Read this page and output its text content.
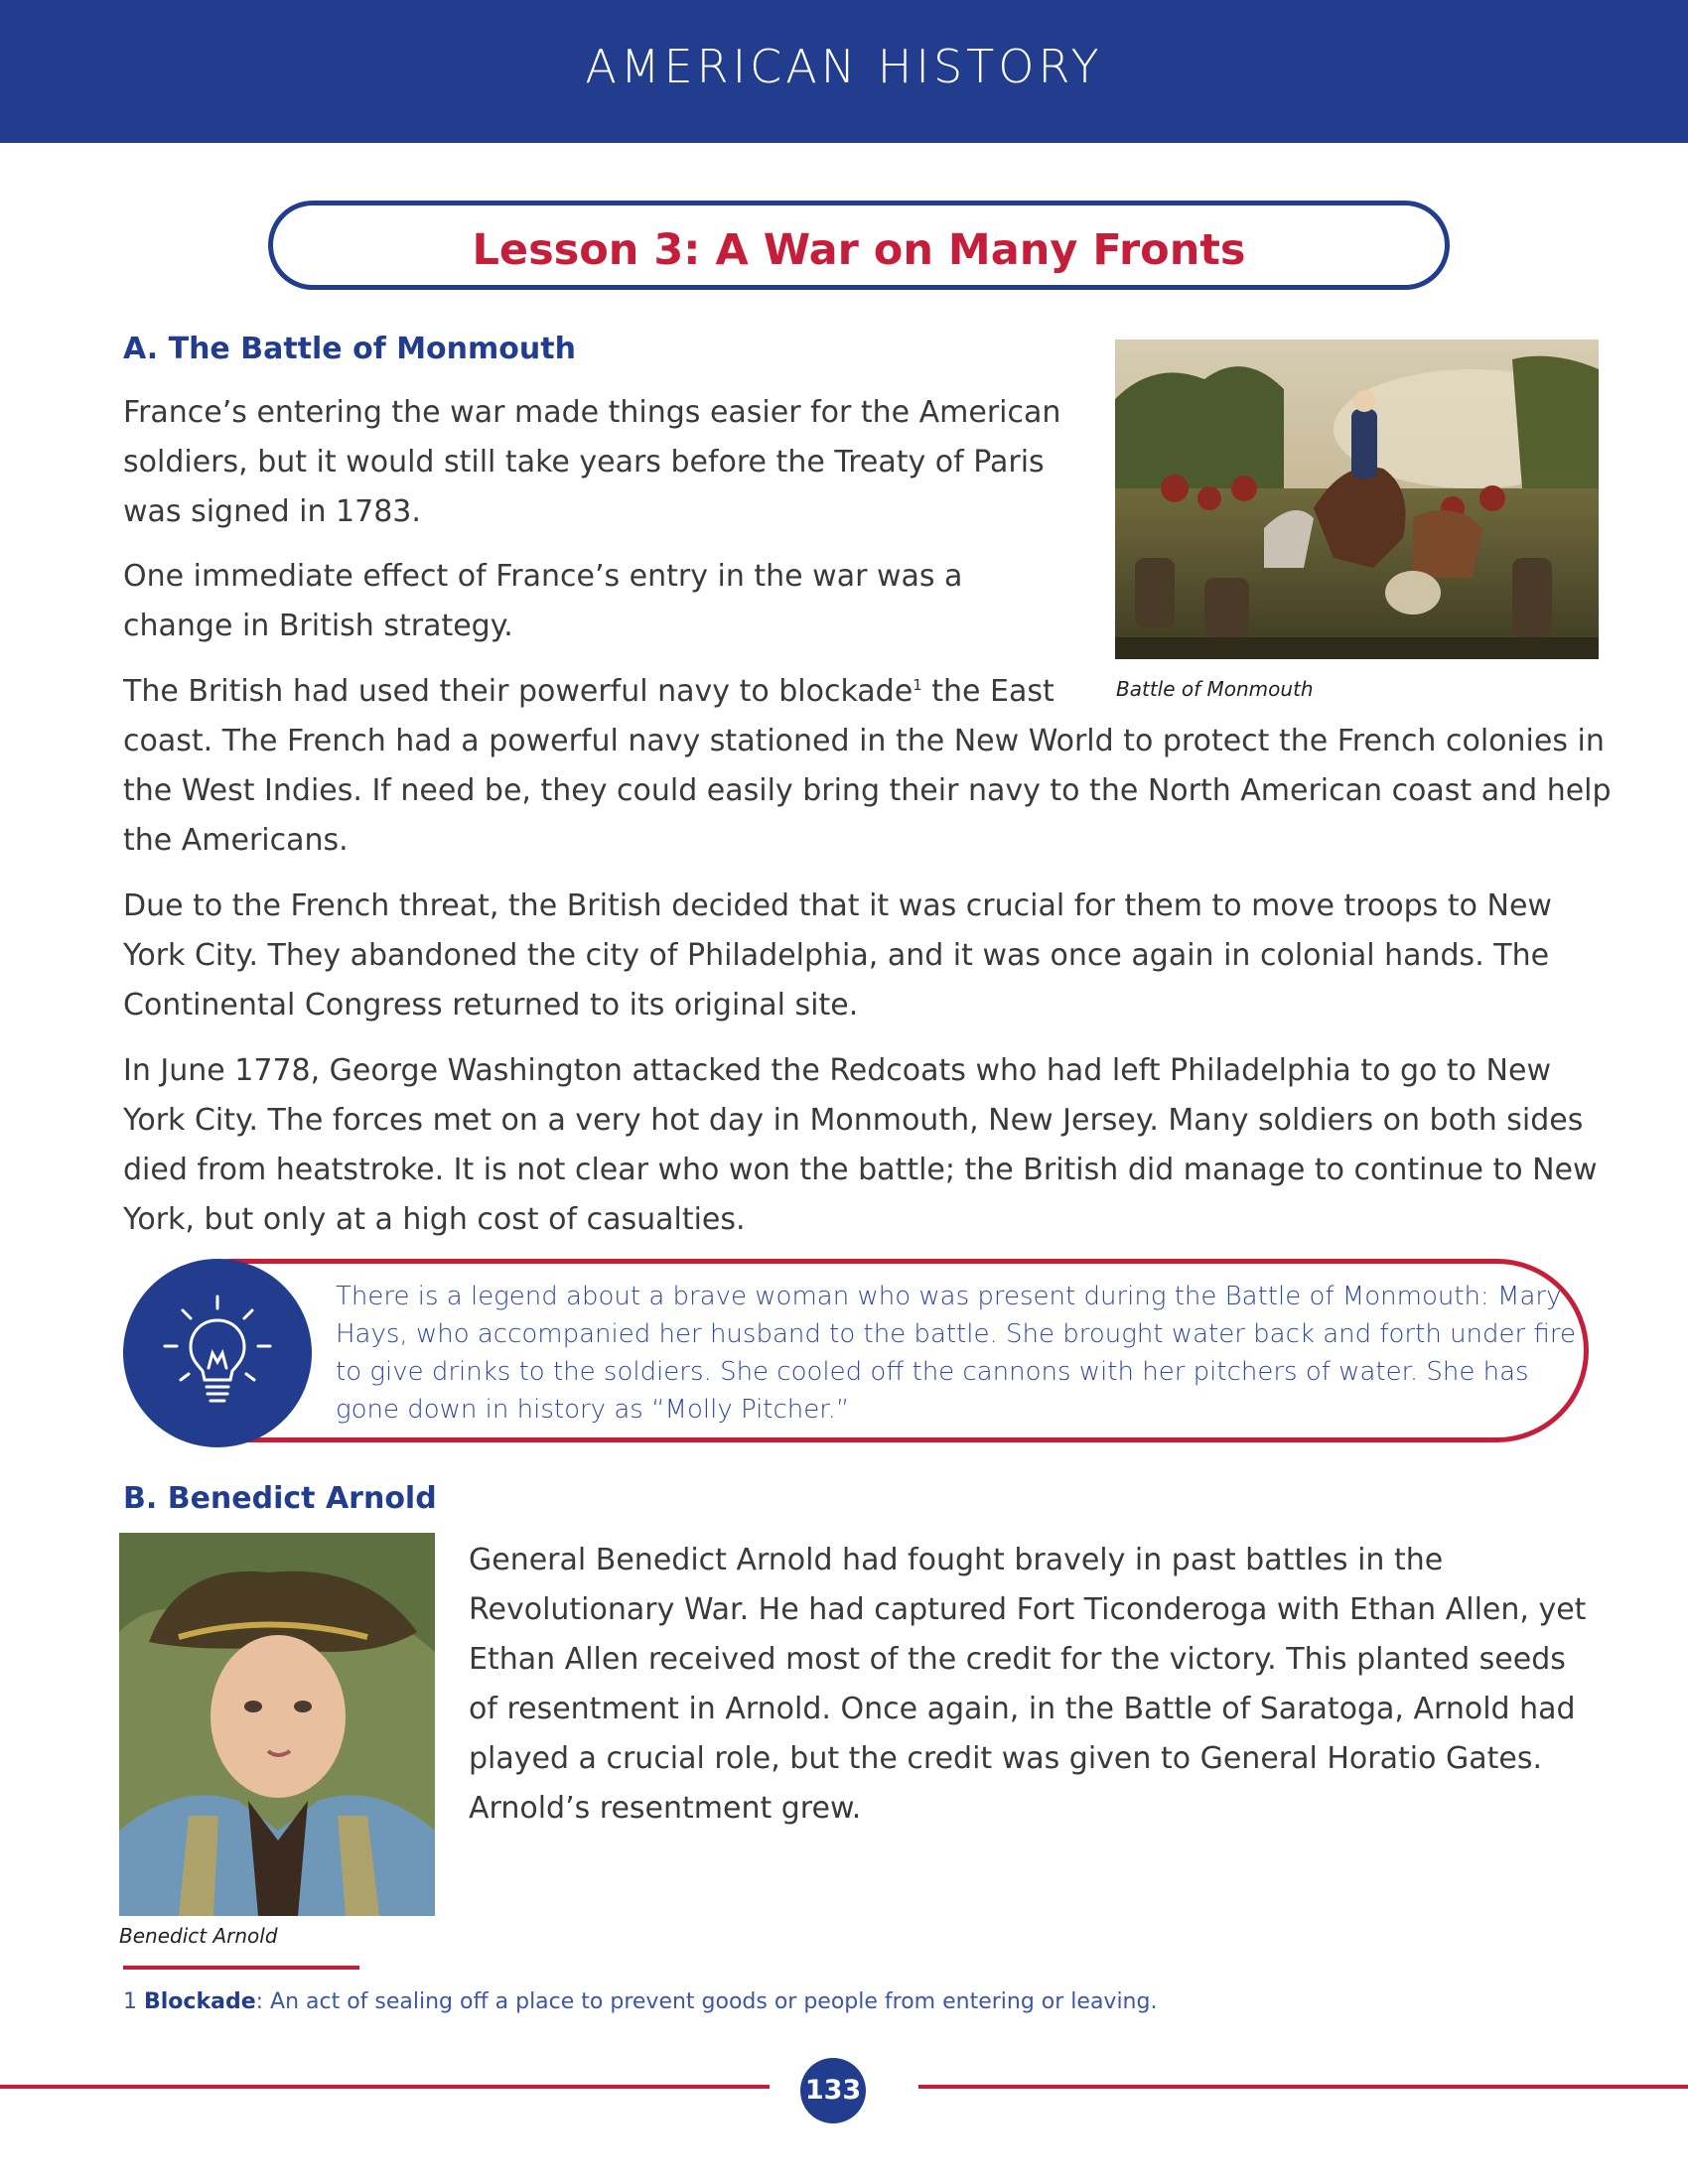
AMERICAN HISTORY
Lesson 3: A War on Many Fronts
A. The Battle of Monmouth

France’s entering the war made things easier for the American soldiers, but it would still take years before the Treaty of Paris was signed in 1783.

One immediate effect of France’s entry in the war was a change in British strategy.

The British had used their powerful navy to blockade$^1$ the East

coast. The French had a powerful navy stationed in the New World to protect the French colonies in the West Indies. If need be, they could easily bring their navy to the North American coast and help the Americans.

Due to the French threat, the British decided that it was crucial for them to move troops to New York City. They abandoned the city of Philadelphia, and it was once again in colonial hands. The Continental Congress returned to its original site.

In June 1778, George Washington attacked the Redcoats who had left Philadelphia to go to New York City. The forces met on a very hot day in Monmouth, New Jersey. Many soldiers on both sides died from heatstroke. It is not clear who won the battle; the British did manage to continue to New York, but only at a high cost of casualties.

Battle of Monmouth
There is a legend about a brave woman who was present during the Battle of Monmouth: Mary Hays, who accompanied her husband to the battle. She brought water back and forth under fire to give drinks to the soldiers. She cooled off the cannons with her pitchers of water. She has gone down in history as “Molly Pitcher.”
B. Benedict Arnold
Benedict Arnold

General Benedict Arnold had fought bravely in past battles in the Revolutionary War. He had captured Fort Ticonderoga with Ethan Allen, yet Ethan Allen received most of the credit for the victory. This planted seeds of resentment in Arnold. Once again, in the Battle of Saratoga, Arnold had played a crucial role, but the credit was given to General Horatio Gates. Arnold’s resentment grew.

1 Blockade: An act of sealing off a place to prevent goods or people from entering or leaving.
133
